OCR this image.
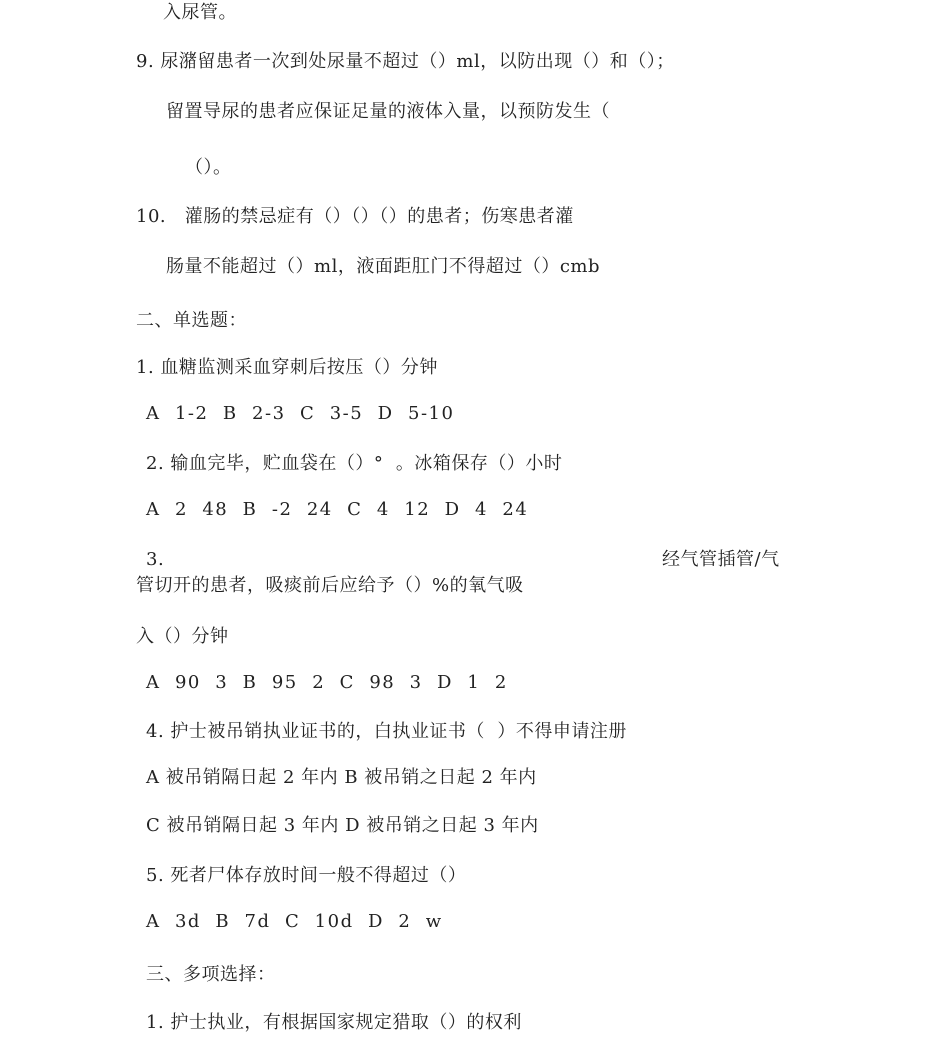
入尿管。
9. 尿潴留患者一次到处尿量不超过（）ml，以防出现（）和（）；
留置导尿的患者应保证足量的液体入量，以预防发生（
（）。
10.   灌肠的禁忌症有（）（）（）的患者；伤寒患者灌
肠量不能超过（）ml，液面距肛门不得超过（）cmb
二、单选题：
1. 血糖监测采血穿刺后按压（）分钟
A  1-2  B  2-3  C  3-5  D  5-10
2. 输血完毕，贮血袋在（）°  。冰箱保存（）小时
A  2  48  B  -2  24  C  4  12  D  4  24
3.	经气管插管/气
管切开的患者，吸痰前后应给予（）%的氧气吸
入（）分钟
A  90  3  B  95  2  C  98  3  D  1  2
4. 护士被吊销执业证书的，白执业证书（  ）不得申请注册
A 被吊销隔日起 2 年内 B 被吊销之日起 2 年内
C 被吊销隔日起 3 年内 D 被吊销之日起 3 年内
5. 死者尸体存放时间一般不得超过（）
A  3d  B  7d  C  10d  D  2  w
三、多项选择：
1. 护士执业，有根据国家规定猎取（）的权利
